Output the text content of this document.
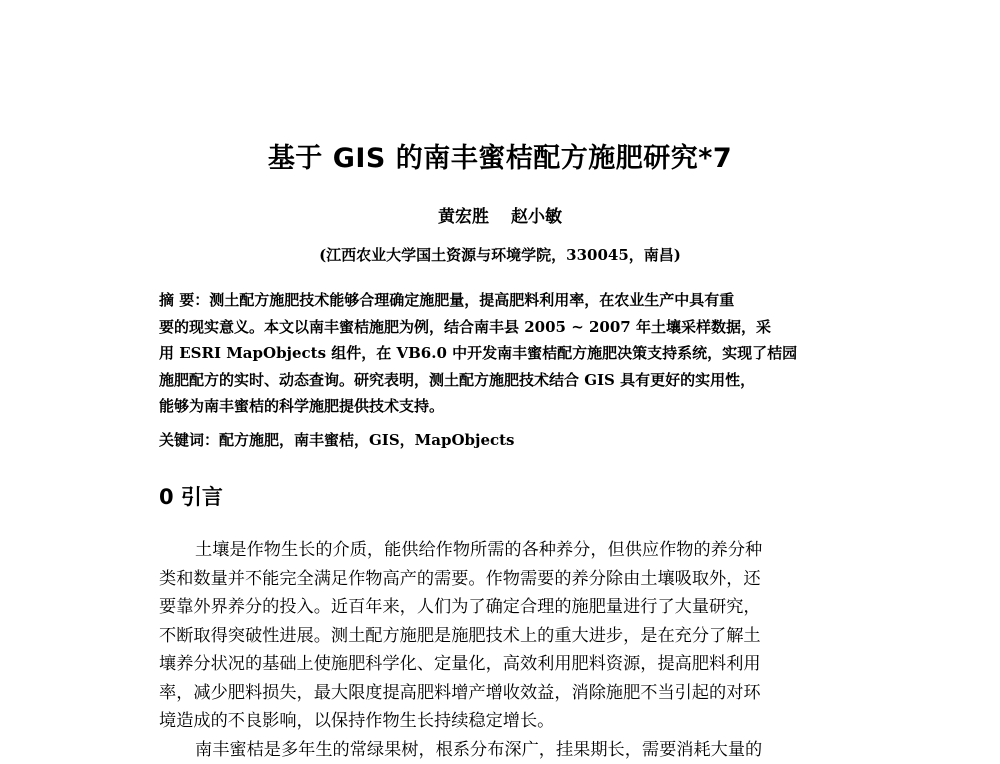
基于 GIS 的南丰蜜桔配方施肥研究*7
黄宏胜 赵小敏
(江西农业大学国土资源与环境学院，330045，南昌)
摘 要：测土配方施肥技术能够合理确定施肥量，提高肥料利用率，在农业生产中具有重
要的现实意义。本文以南丰蜜桔施肥为例，结合南丰县 2005 ~ 2007 年土壤采样数据，采
用 ESRI MapObjects 组件，在 VB6.0 中开发南丰蜜桔配方施肥决策支持系统，实现了桔园
施肥配方的实时、动态查询。研究表明，测土配方施肥技术结合 GIS 具有更好的实用性，
能够为南丰蜜桔的科学施肥提供技术支持。
关键词：配方施肥，南丰蜜桔，GIS，MapObjects
0 引言
土壤是作物生长的介质，能供给作物所需的各种养分，但供应作物的养分种
类和数量并不能完全满足作物高产的需要。作物需要的养分除由土壤吸取外，还
要靠外界养分的投入。近百年来，人们为了确定合理的施肥量进行了大量研究，
不断取得突破性进展。测土配方施肥是施肥技术上的重大进步，是在充分了解土
壤养分状况的基础上使施肥科学化、定量化，高效利用肥料资源，提高肥料利用
率，减少肥料损失，最大限度提高肥料增产增收效益，消除施肥不当引起的对环
境造成的不良影响，以保持作物生长持续稳定增长。
南丰蜜桔是多年生的常绿果树，根系分布深广，挂果期长，需要消耗大量的
